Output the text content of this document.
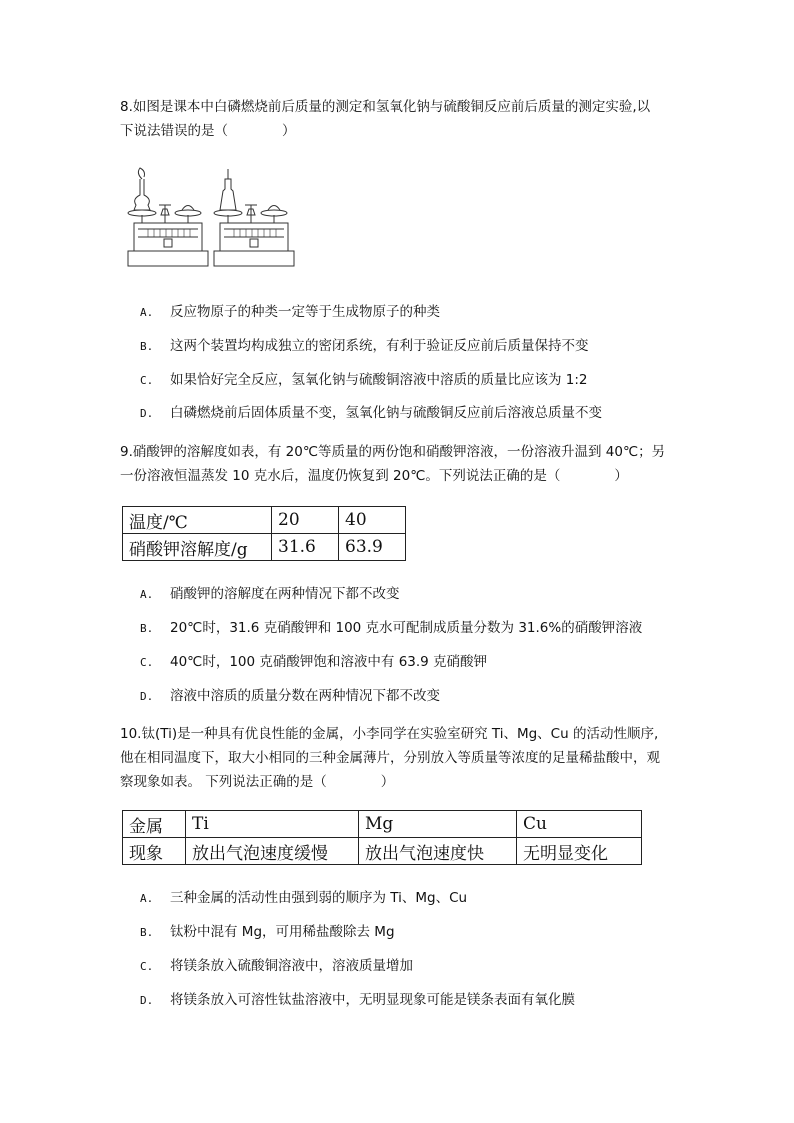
8.如图是课本中白磷燃烧前后质量的测定和氢氧化钠与硫酸铜反应前后质量的测定实验,以
下说法错误的是（　　　　）
A. 反应物原子的种类一定等于生成物原子的种类
B. 这两个装置均构成独立的密闭系统，有利于验证反应前后质量保持不变
C. 如果恰好完全反应，氢氧化钠与硫酸铜溶液中溶质的质量比应该为 1:2
D. 白磷燃烧前后固体质量不变，氢氧化钠与硫酸铜反应前后溶液总质量不变
9.硝酸钾的溶解度如表，有 20℃等质量的两份饱和硝酸钾溶液，一份溶液升温到 40℃；另
一份溶液恒温蒸发 10 克水后，温度仍恢复到 20℃。下列说法正确的是（　　　　）
温度/℃	20	40
硝酸钾溶解度/g	31.6	63.9
A. 硝酸钾的溶解度在两种情况下都不改变
B. 20℃时，31.6 克硝酸钾和 100 克水可配制成质量分数为 31.6%的硝酸钾溶液
C. 40℃时，100 克硝酸钾饱和溶液中有 63.9 克硝酸钾
D. 溶液中溶质的质量分数在两种情况下都不改变
10.钛(Ti)是一种具有优良性能的金属，小李同学在实验室研究 Ti、Mg、Cu 的活动性顺序,
他在相同温度下，取大小相同的三种金属薄片，分别放入等质量等浓度的足量稀盐酸中，观
察现象如表。 下列说法正确的是（　　　　）
金属	Ti	Mg	Cu
现象	放出气泡速度缓慢	放出气泡速度快	无明显变化
A. 三种金属的活动性由强到弱的顺序为 Ti、Mg、Cu
B. 钛粉中混有 Mg，可用稀盐酸除去 Mg
C. 将镁条放入硫酸铜溶液中，溶液质量增加
D. 将镁条放入可溶性钛盐溶液中，无明显现象可能是镁条表面有氧化膜
